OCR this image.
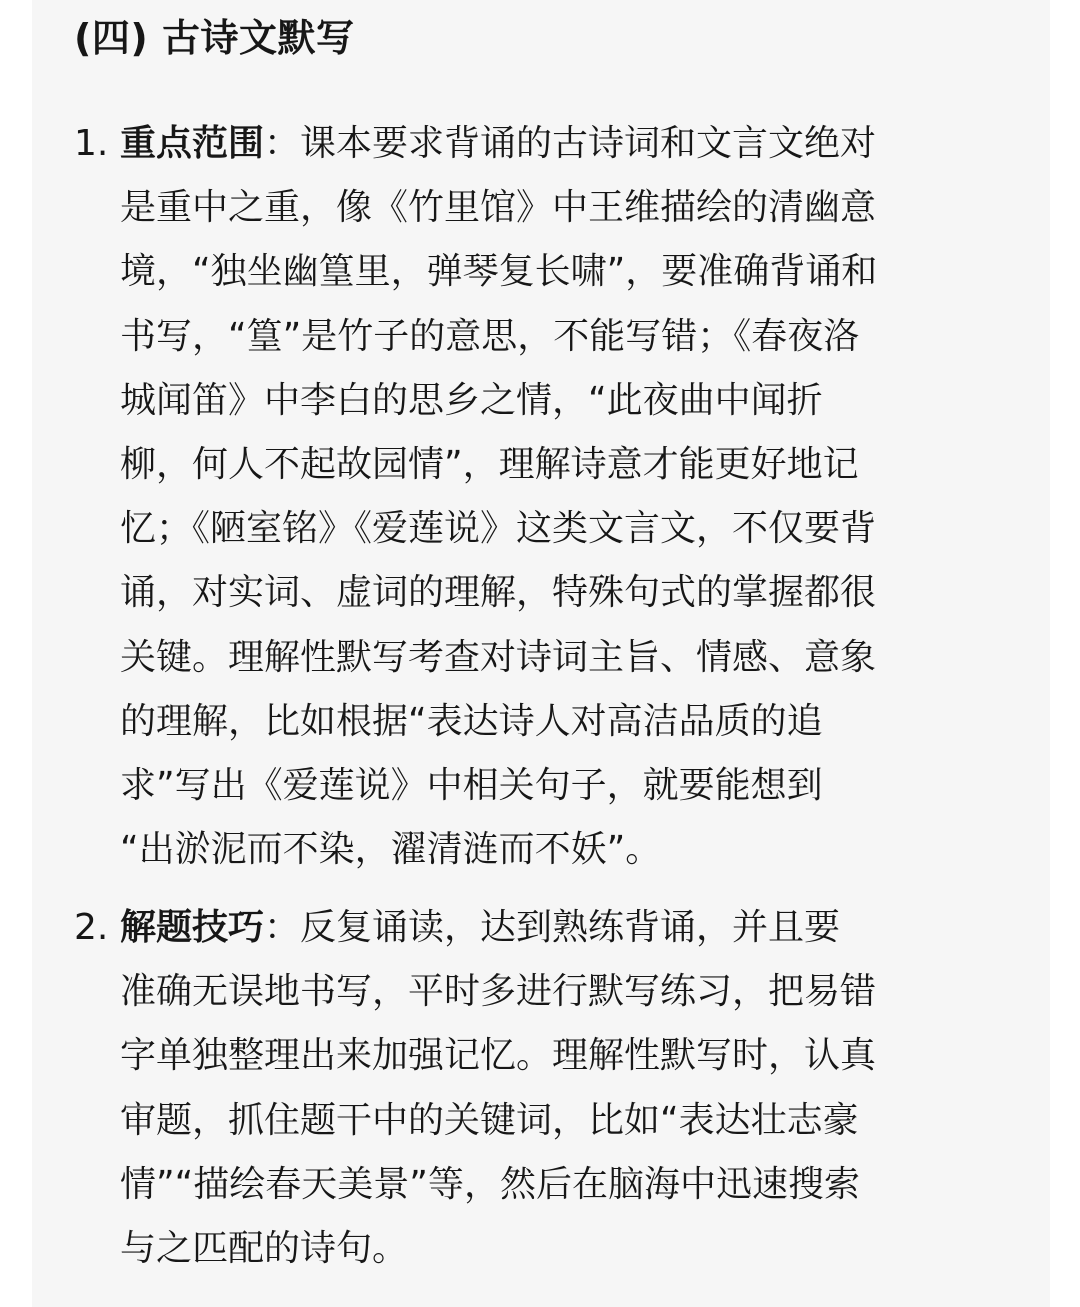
(四) 古诗文默写
1. 重点范围：课本要求背诵的古诗词和文言文绝对
是重中之重，像《竹里馆》中王维描绘的清幽意
境，“独坐幽篁里，弹琴复长啸”，要准确背诵和
书写，“篁”是竹子的意思，不能写错；《春夜洛
城闻笛》中李白的思乡之情，“此夜曲中闻折
柳，何人不起故园情”，理解诗意才能更好地记
忆；《陋室铭》《爱莲说》这类文言文，不仅要背
诵，对实词、虚词的理解，特殊句式的掌握都很
关键。理解性默写考查对诗词主旨、情感、意象
的理解，比如根据“表达诗人对高洁品质的追
求”写出《爱莲说》中相关句子，就要能想到
“出淤泥而不染，濯清涟而不妖”。
2. 解题技巧：反复诵读，达到熟练背诵，并且要
准确无误地书写，平时多进行默写练习，把易错
字单独整理出来加强记忆。理解性默写时，认真
审题，抓住题干中的关键词，比如“表达壮志豪
情”“描绘春天美景”等，然后在脑海中迅速搜索
与之匹配的诗句。
